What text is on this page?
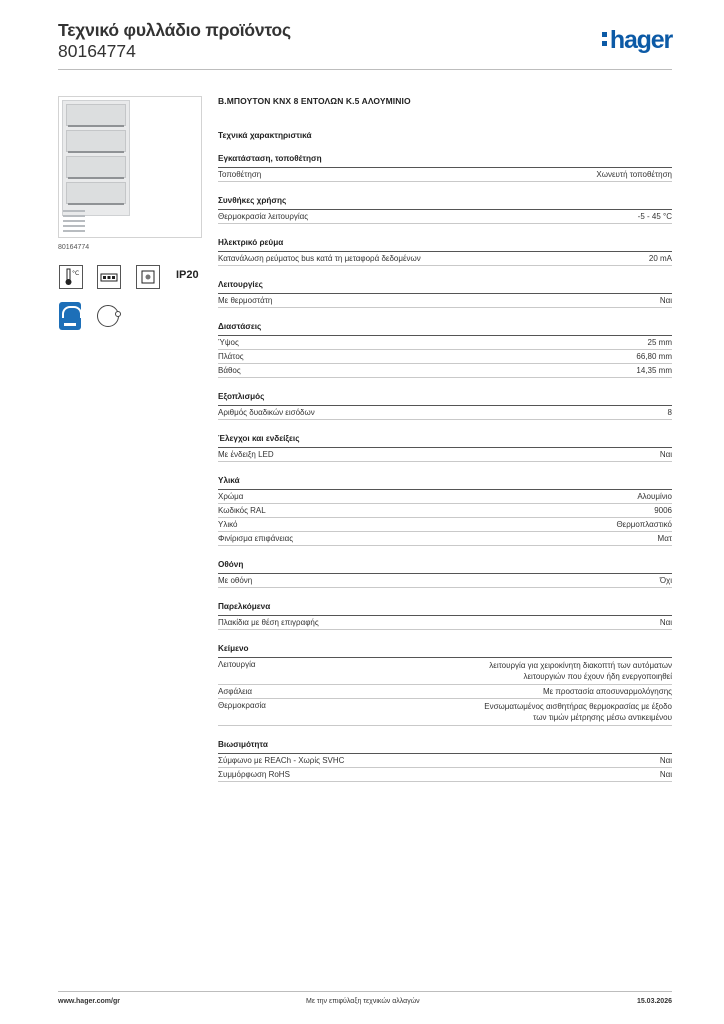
Τεχνικό φυλλάδιο προϊόντος
80164774	hager
80164774
°C	IP20
Β.ΜΠΟΥΤΟΝ KNX 8 ΕΝΤΟΛΩΝ Κ.5 ΑΛΟΥΜΙΝΙΟ
Τεχνικά χαρακτηριστικά
Εγκατάσταση, τοποθέτηση
Τοποθέτηση	Χωνευτή τοποθέτηση
Συνθήκες χρήσης
Θερμοκρασία λειτουργίας	-5 - 45 °C
Ηλεκτρικό ρεύμα
Κατανάλωση ρεύματος bus κατά τη μεταφορά δεδομένων	20 mA
Λειτουργίες
Με θερμοστάτη	Ναι
Διαστάσεις
Ύψος	25 mm
Πλάτος	66,80 mm
Βάθος	14,35 mm
Εξοπλισμός
Αριθμός δυαδικών εισόδων	8
Έλεγχοι και ενδείξεις
Με ένδειξη LED	Ναι
Υλικά
Χρώμα	Αλουμίνιο
Κωδικός RAL	9006
Υλικό	Θερμοπλαστικό
Φινίρισμα επιφάνειας	Ματ
Οθόνη
Με οθόνη	Όχι
Παρελκόμενα
Πλακίδια με θέση επιγραφής	Ναι
Κείμενο
Λειτουργία	λειτουργία για χειροκίνητη διακοπτή των αυτόματων λειτουργιών που έχουν ήδη ενεργοποιηθεί
Ασφάλεια	Με προστασία αποσυναρμολόγησης
Θερμοκρασία	Ενσωματωμένος αισθητήρας θερμοκρασίας με έξοδο των τιμών μέτρησης μέσω αντικειμένου
Βιωσιμότητα
Σύμφωνο με REACh - Χωρίς SVHC	Ναι
Συμμόρφωση RoHS	Ναι
www.hager.com/gr	Με την επιφύλαξη τεχνικών αλλαγών	15.03.2026
